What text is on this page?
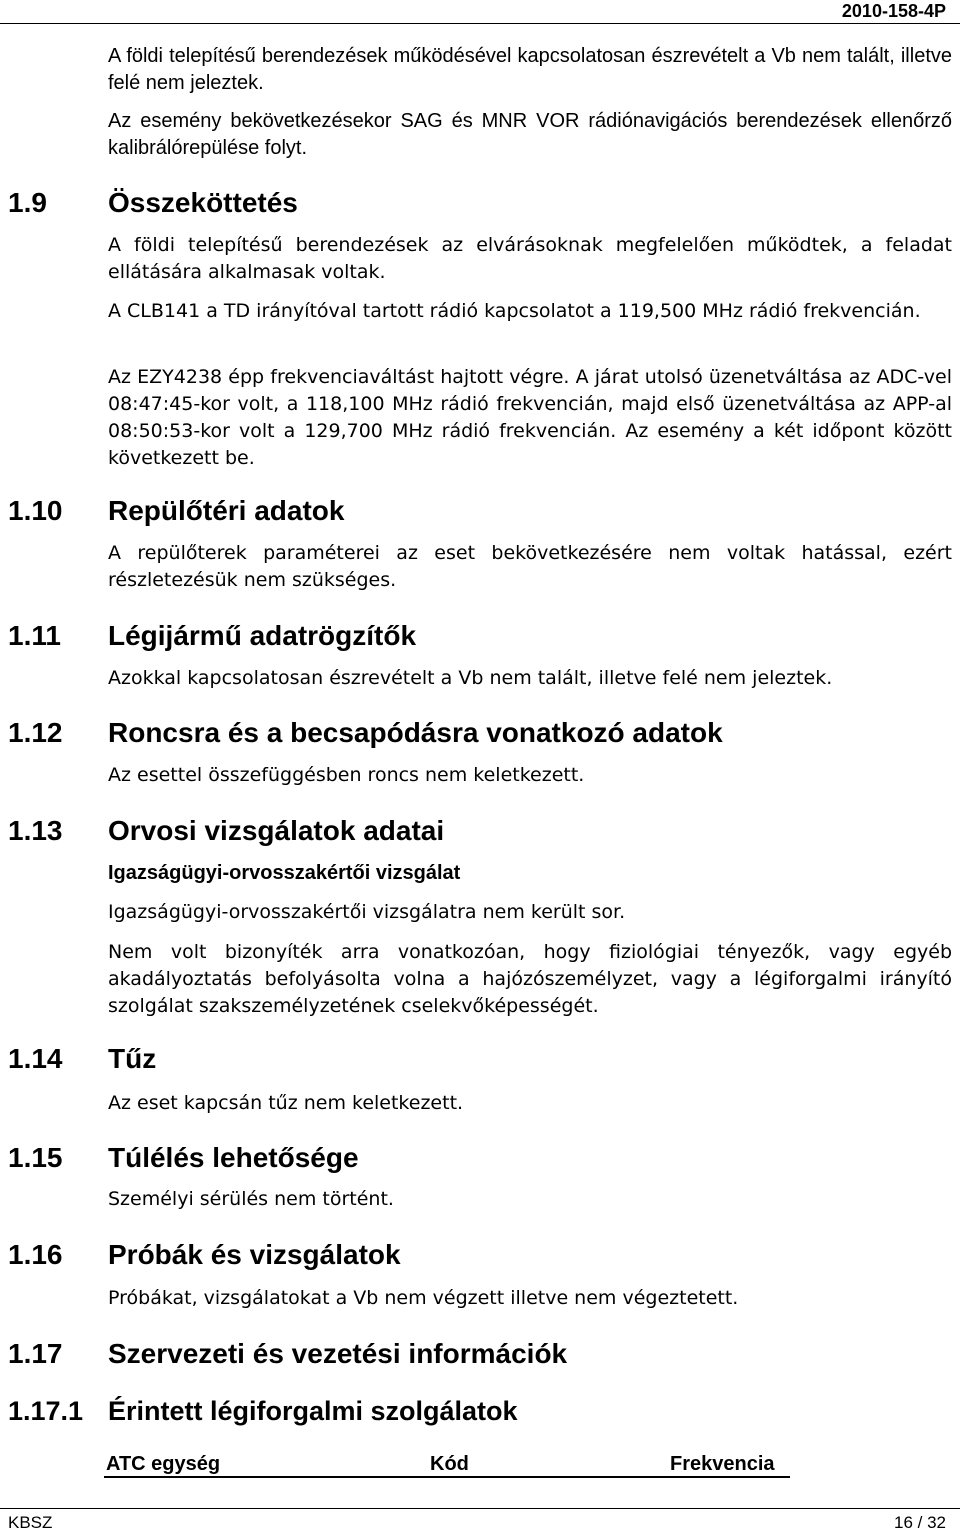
2010-158-4P
A földi telepítésű berendezések működésével kapcsolatosan észrevételt a Vb nem talált, illetve felé nem jeleztek.
Az esemény bekövetkezésekor SAG és MNR VOR rádiónavigációs berendezések ellenőrző kalibrálórepülése folyt.
1.9 Összeköttetés
A földi telepítésű berendezések az elvárásoknak megfelelően működtek, a feladat ellátására alkalmasak voltak.
A CLB141 a TD irányítóval tartott rádió kapcsolatot a 119,500 MHz rádió frekvencián.
Az EZY4238 épp frekvenciaváltást hajtott végre. A járat utolsó üzenetváltása az ADC-vel 08:47:45-kor volt, a 118,100 MHz rádió frekvencián, majd első üzenetváltása az APP-al 08:50:53-kor volt a 129,700 MHz rádió frekvencián. Az esemény a két időpont között következett be.
1.10 Repülőtéri adatok
A repülőterek paraméterei az eset bekövetkezésére nem voltak hatással, ezért részletezésük nem szükséges.
1.11 Légijármű adatrögzítők
Azokkal kapcsolatosan észrevételt a Vb nem talált, illetve felé nem jeleztek.
1.12 Roncsra és a becsapódásra vonatkozó adatok
Az esettel összefüggésben roncs nem keletkezett.
1.13 Orvosi vizsgálatok adatai
Igazságügyi-orvosszakértői vizsgálat
Igazságügyi-orvosszakértői vizsgálatra nem került sor.
Nem volt bizonyíték arra vonatkozóan, hogy fiziológiai tényezők, vagy egyéb akadályoztatás befolyásolta volna a hajózószemélyzet, vagy a légiforgalmi irányító szolgálat szakszemélyzetének cselekvőképességét.
1.14 Tűz
Az eset kapcsán tűz nem keletkezett.
1.15 Túlélés lehetősége
Személyi sérülés nem történt.
1.16 Próbák és vizsgálatok
Próbákat, vizsgálatokat a Vb nem végzett illetve nem végeztetett.
1.17 Szervezeti és vezetési információk
1.17.1 Érintett légiforgalmi szolgálatok
ATC egység	Kód	Frekvencia
KBSZ	16 / 32
